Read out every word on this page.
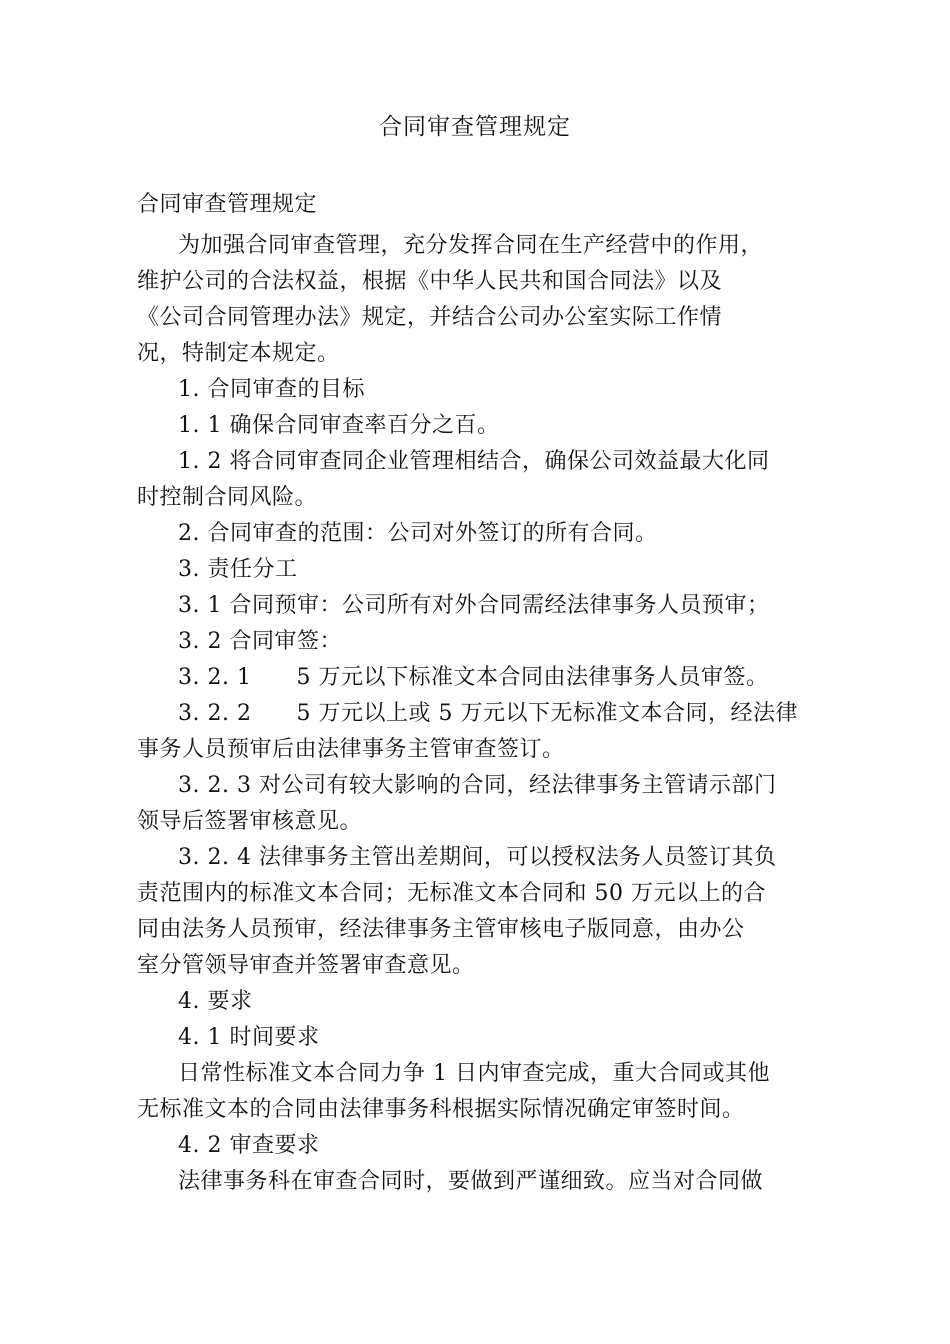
合同审查管理规定
合同审查管理规定
为加强合同审查管理，充分发挥合同在生产经营中的作用，
维护公司的合法权益，根据《中华人民共和国合同法》以及
《公司合同管理办法》规定，并结合公司办公室实际工作情
况，特制定本规定。
1. 合同审查的目标
1. 1 确保合同审查率百分之百。
1. 2 将合同审查同企业管理相结合，确保公司效益最大化同
时控制合同风险。
2. 合同审查的范围：公司对外签订的所有合同。
3. 责任分工
3. 1 合同预审：公司所有对外合同需经法律事务人员预审；
3. 2 合同审签：
3. 2. 1　　5 万元以下标准文本合同由法律事务人员审签。
3. 2. 2　　5 万元以上或 5 万元以下无标准文本合同，经法律
事务人员预审后由法律事务主管审查签订。
3. 2. 3 对公司有较大影响的合同，经法律事务主管请示部门
领导后签署审核意见。
3. 2. 4 法律事务主管出差期间，可以授权法务人员签订其负
责范围内的标准文本合同；无标准文本合同和 50 万元以上的合
同由法务人员预审，经法律事务主管审核电子版同意，由办公
室分管领导审查并签署审查意见。
4. 要求
4. 1 时间要求
日常性标准文本合同力争 1 日内审查完成，重大合同或其他
无标准文本的合同由法律事务科根据实际情况确定审签时间。
4. 2 审查要求
法律事务科在审查合同时，要做到严谨细致。应当对合同做
